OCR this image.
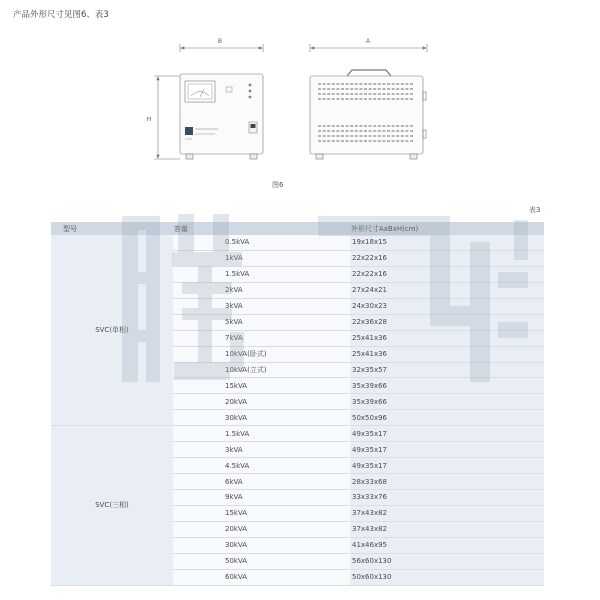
产品外形尺寸见图6、表3
B
H
A
图6
表3
型号	容量	外形尺寸AxBxH(cm)
SVC(单相)	0.5kVA	19x18x15
	1kVA	22x22x16
	1.5kVA	22x22x16
	2kVA	27x24x21
	3kVA	24x30x23
	5kVA	22x36x28
	7kVA	25x41x36
	10kVA(卧式)	25x41x36
	10kVA(立式)	32x35x57
	15kVA	35x39x66
	20kVA	35x39x66
	30kVA	50x50x96
SVC(三相)	1.5kVA	49x35x17
	3kVA	49x35x17
	4.5kVA	49x35x17
	6kVA	28x33x68
	9kVA	33x33x76
	15kVA	37x43x82
	20kVA	37x43x82
	30kVA	41x46x95
	50kVA	56x60x130
	60kVA	50x60x130
